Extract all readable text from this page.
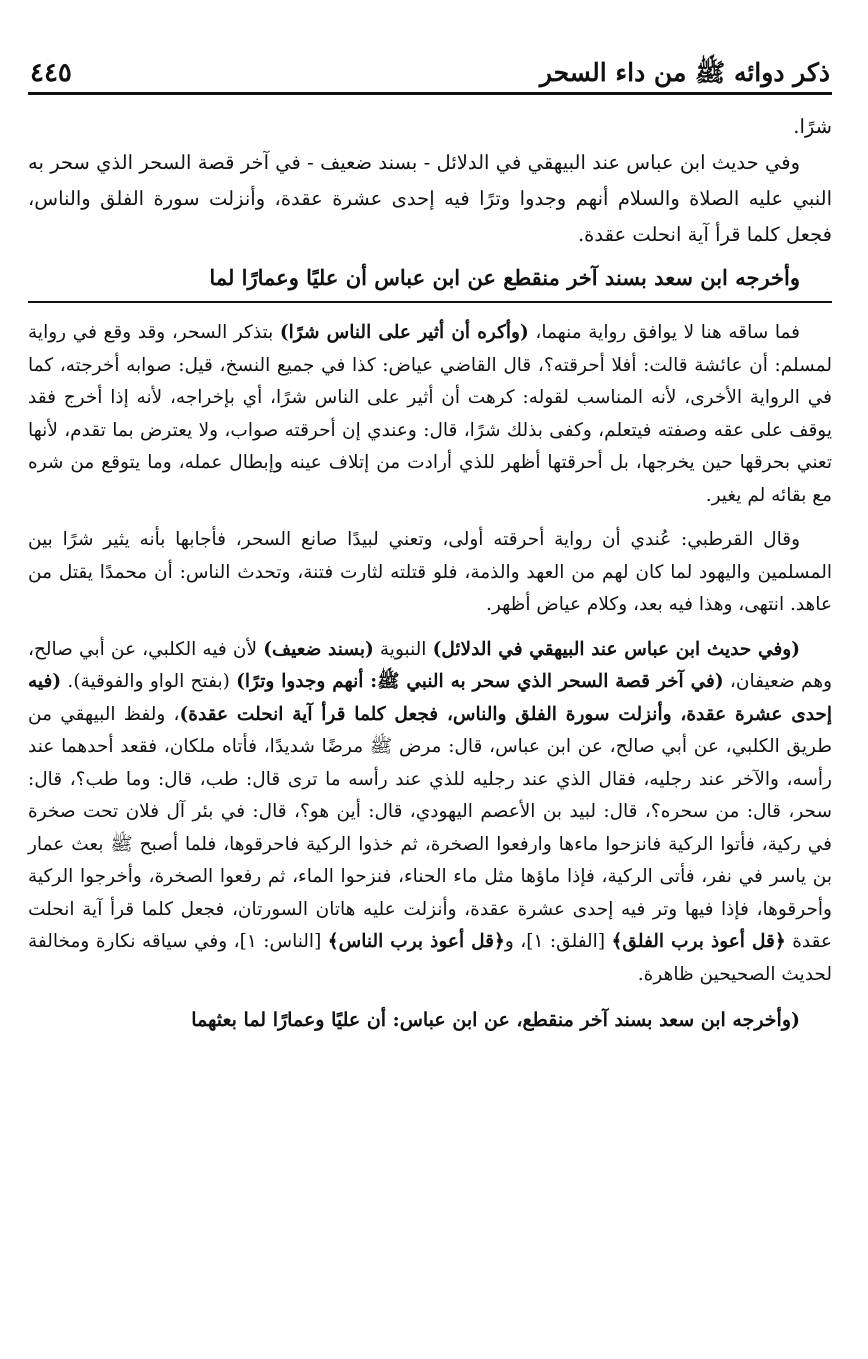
ذكر دوائه ﷺ من داء السحر
٤٤٥

شرًا.

وفي حديث ابن عباس عند البيهقي في الدلائل - بسند ضعيف - في آخر قصة السحر الذي سحر به النبي عليه الصلاة والسلام أنهم وجدوا وترًا فيه إحدى عشرة عقدة، وأنزلت سورة الفلق والناس، فجعل كلما قرأ آية انحلت عقدة.

وأخرجه ابن سعد بسند آخر منقطع عن ابن عباس أن عليًا وعمارًا لما

فما ساقه هنا لا يوافق رواية منهما، (وأكره أن أثير على الناس شرًا) بتذكر السحر، وقد وقع في رواية لمسلم: أن عائشة قالت: أفلا أحرقته؟، قال القاضي عياض: كذا في جميع النسخ، قيل: صوابه أخرجته، كما في الرواية الأخرى، لأنه المناسب لقوله: كرهت أن أثير على الناس شرًا، أي بإخراجه، لأنه إذا أخرج فقد يوقف على عقه وصفته فيتعلم، وكفى بذلك شرًا، قال: وعندي إن أحرقته صواب، ولا يعترض بما تقدم، لأنها تعني بحرقها حين يخرجها، بل أحرقتها أظهر للذي أرادت من إتلاف عينه وإبطال عمله، وما يتوقع من شره مع بقائه لم يغير.

وقال القرطبي: عُندي أن رواية أحرقته أولى، وتعني لبيدًا صانع السحر، فأجابها بأنه يثير شرًا بين المسلمين واليهود لما كان لهم من العهد والذمة، فلو قتلته لثارت فتنة، وتحدث الناس: أن محمدًا يقتل من عاهد. انتهى، وهذا فيه بعد، وكلام عياض أظهر.

(وفي حديث ابن عباس عند البيهقي في الدلائل) النبوية (بسند ضعيف) لأن فيه الكلبي، عن أبي صالح، وهم ضعيفان، (في آخر قصة السحر الذي سحر به النبي ﷺ: أنهم وجدوا وترًا) (بفتح الواو والفوقية). (فيه إحدى عشرة عقدة، وأنزلت سورة الفلق والناس، فجعل كلما قرأ آية انحلت عقدة)، ولفظ البيهقي من طريق الكلبي، عن أبي صالح، عن ابن عباس، قال: مرض ﷺ مرضًا شديدًا، فأتاه ملكان، فقعد أحدهما عند رأسه، والآخر عند رجليه، فقال الذي عند رجليه للذي عند رأسه ما ترى قال: طب، قال: وما طب؟، قال: سحر، قال: من سحره؟، قال: لبيد بن الأعصم اليهودي، قال: أين هو؟، قال: في بئر آل فلان تحت صخرة في ركية، فأتوا الركية فانزحوا ماءها وارفعوا الصخرة، ثم خذوا الركية فاحرقوها، فلما أصبح ﷺ بعث عمار بن ياسر في نفر، فأتى الركية، فإذا ماؤها مثل ماء الحناء، فنزحوا الماء، ثم رفعوا الصخرة، وأخرجوا الركية وأحرقوها، فإذا فيها وتر فيه إحدى عشرة عقدة، وأنزلت عليه هاتان السورتان، فجعل كلما قرأ آية انحلت عقدة ﴿قل أعوذ برب الفلق﴾ [الفلق: ١]، و﴿قل أعوذ برب الناس﴾ [الناس: ١]، وفي سياقه نكارة ومخالفة لحديث الصحيحين ظاهرة.

(وأخرجه ابن سعد بسند آخر منقطع، عن ابن عباس: أن عليًا وعمارًا لما بعثهما
